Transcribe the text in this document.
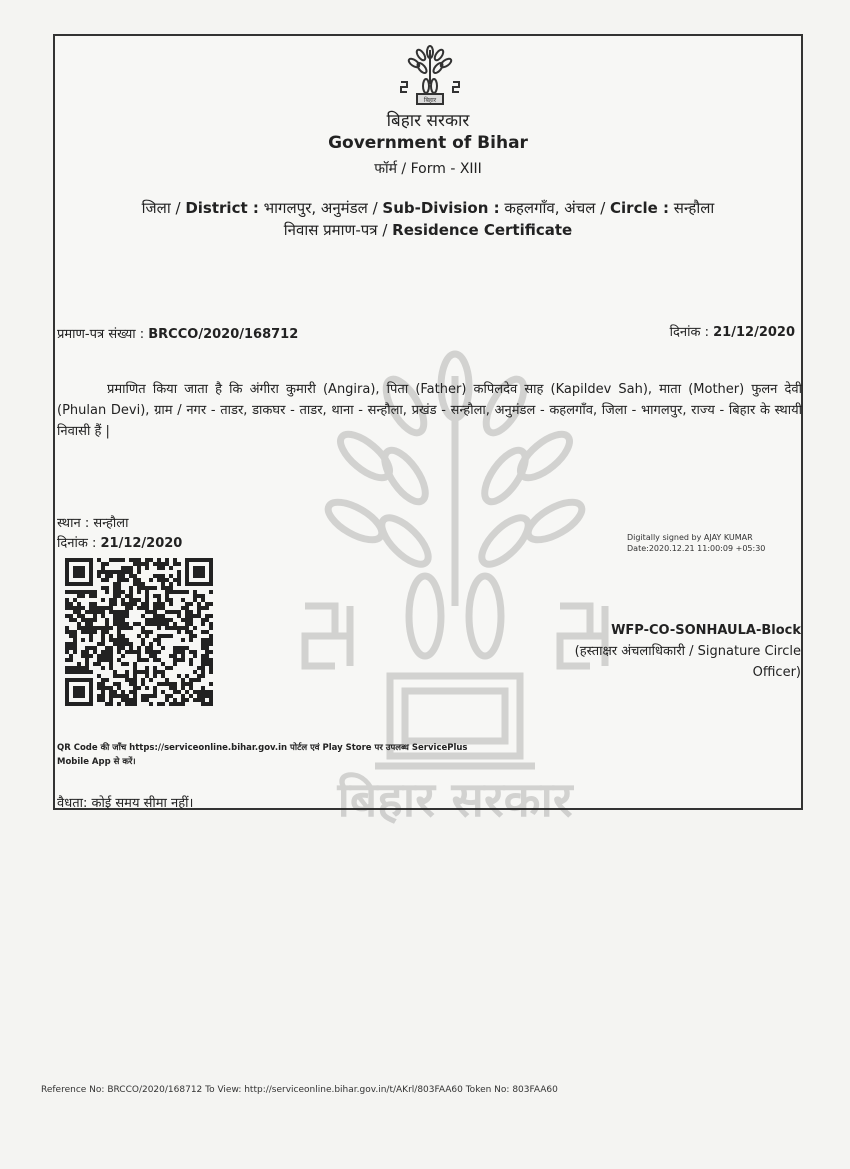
बिहार सरकार
बिहार
बिहार सरकार
Government of Bihar
फॉर्म / Form - XIII
जिला / District : भागलपुर, अनुमंडल / Sub-Division : कहलगाँव, अंचल / Circle : सन्हौला
निवास प्रमाण-पत्र / Residence Certificate
प्रमाण-पत्र संख्या : BRCCO/2020/168712	दिनांक : 21/12/2020
प्रमाणित किया जाता है कि अंगीरा कुमारी (Angira), पिता (Father) कपिलदेव साह (Kapildev Sah), माता (Mother) फुलन देवी (Phulan Devi), ग्राम / नगर - ताडर, डाकघर - ताडर, थाना - सन्हौला, प्रखंड - सन्हौला, अनुमंडल - कहलगाँव, जिला - भागलपुर, राज्य - बिहार के स्थायी निवासी हैं |
स्थान : सन्हौला
दिनांक : 21/12/2020	Digitally signed by AJAY KUMAR
Date:2020.12.21 11:00:09 +05:30
WFP-CO-SONHAULA-Block
(हस्ताक्षर अंचलाधिकारी / Signature Circle
Officer)
QR Code की जाँच https://serviceonline.bihar.gov.in पोर्टल एवं Play Store पर उपलब्ध ServicePlus
Mobile App से करें।
वैधता: कोई समय सीमा नहीं।
Reference No: BRCCO/2020/168712 To View: http://serviceonline.bihar.gov.in/t/AKrl/803FAA60 Token No: 803FAA60
